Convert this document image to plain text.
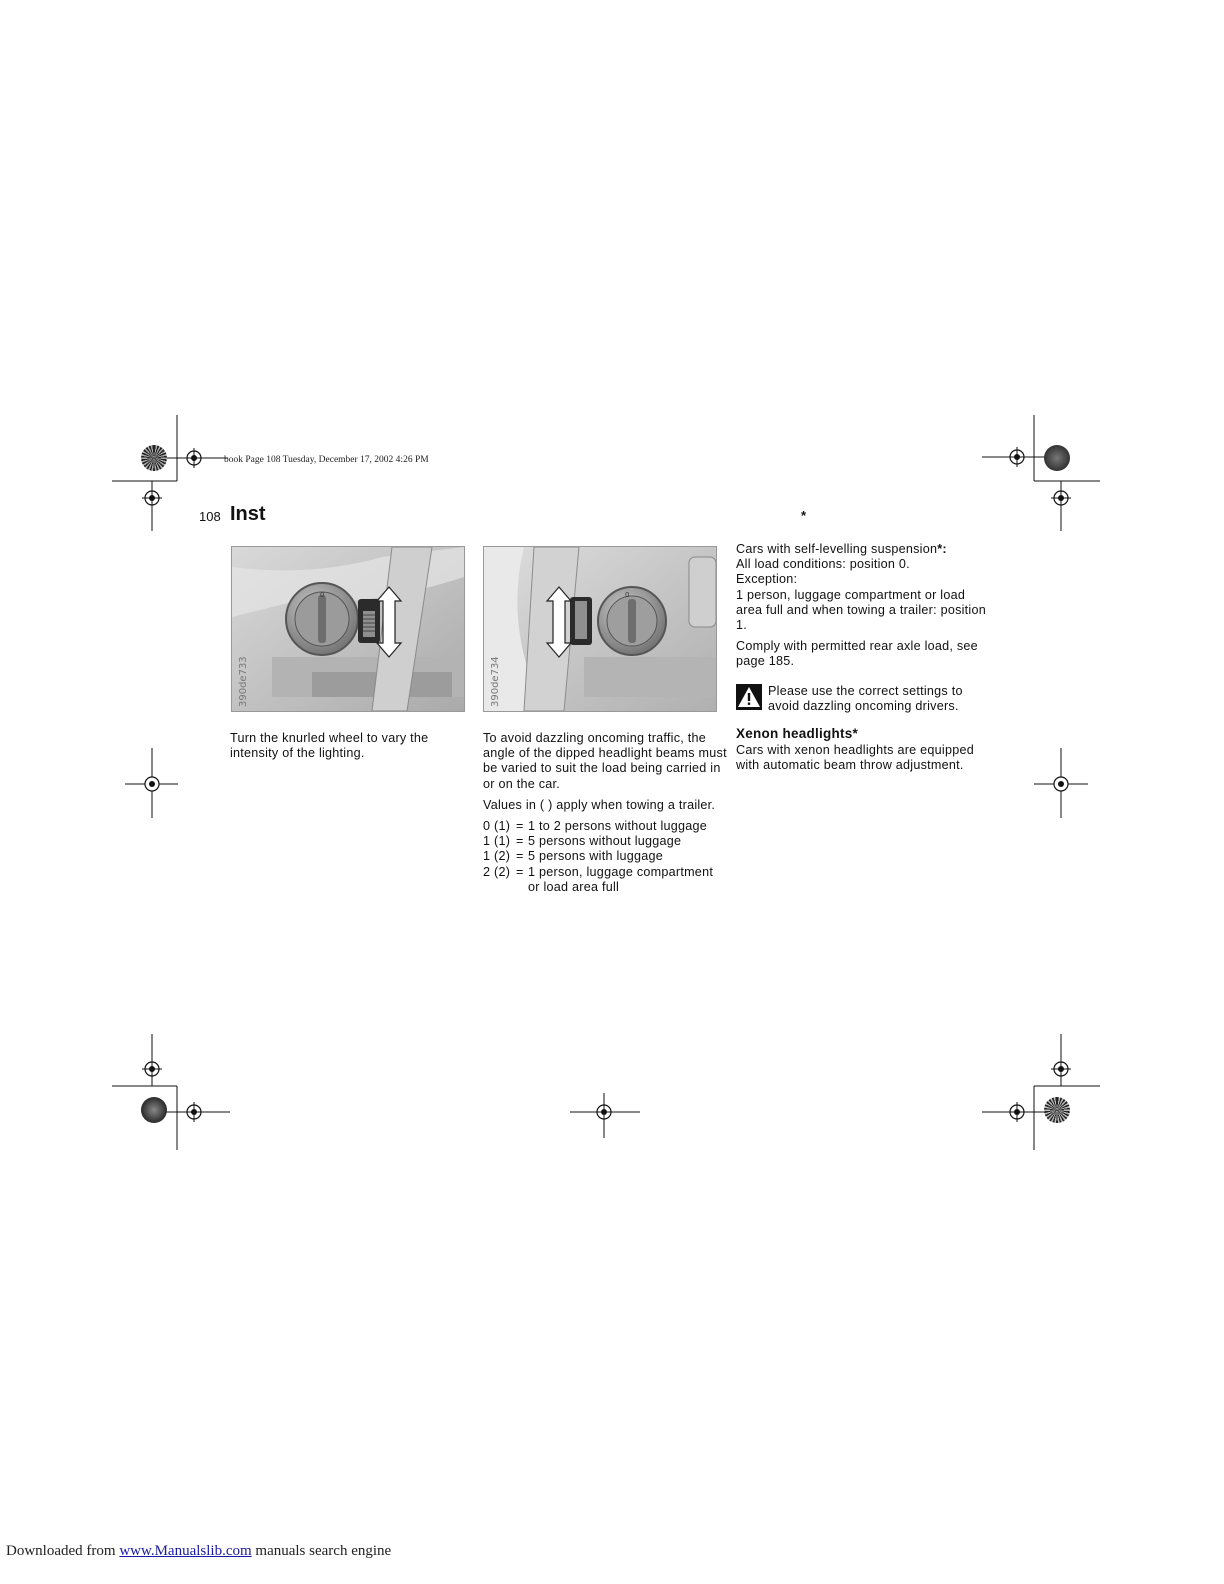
book Page 108 Tuesday, December 17, 2002 4:26 PM
108 Inst	*
0
390de733
0
390de734

Turn the knurled wheel to vary the intensity of the lighting.

To avoid dazzling oncoming traffic, the angle of the dipped headlight beams must be varied to suit the load being carried in or on the car.

Values in ( ) apply when towing a trailer.

0 (1)	=	1 to 2 persons without luggage
1 (1)	=	5 persons without luggage
1 (2)	=	5 persons with luggage
2 (2)	=	1 person, luggage compartment or load area full
Cars with self-levelling suspension*:
All load conditions: position 0.
Exception:

1 person, luggage compartment or load area full and when towing a trailer: position 1.

Comply with permitted rear axle load, see page 185.

Please use the correct settings to avoid dazzling oncoming drivers.
Xenon headlights*
Cars with xenon headlights are equipped with automatic beam throw adjustment.
Downloaded from www.Manualslib.com manuals search engine
